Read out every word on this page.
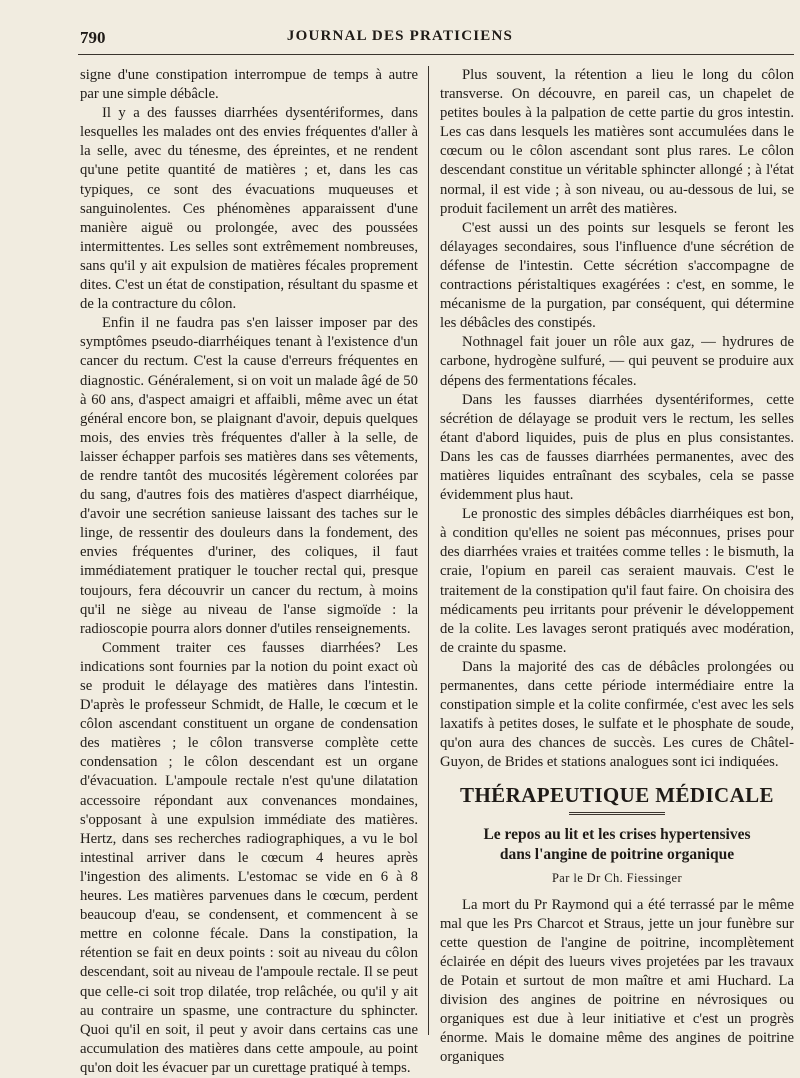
790	JOURNAL DES PRATICIENS

signe d'une constipation interrompue de temps à autre par une simple débâcle.

Il y a des fausses diarrhées dysentériformes, dans lesquelles les malades ont des envies fréquentes d'aller à la selle, avec du ténesme, des épreintes, et ne rendent qu'une petite quantité de matières ; et, dans les cas typiques, ce sont des évacuations muqueuses et sanguinolentes. Ces phénomènes apparaissent d'une manière aiguë ou prolongée, avec des poussées intermittentes. Les selles sont extrêmement nombreuses, sans qu'il y ait expulsion de matières fécales proprement dites. C'est un état de constipation, résultant du spasme et de la contracture du côlon.

Enfin il ne faudra pas s'en laisser imposer par des symptômes pseudo-diarrhéiques tenant à l'existence d'un cancer du rectum. C'est la cause d'erreurs fréquentes en diagnostic. Généralement, si on voit un malade âgé de 50 à 60 ans, d'aspect amaigri et affaibli, même avec un état général encore bon, se plaignant d'avoir, depuis quelques mois, des envies très fréquentes d'aller à la selle, de laisser échapper parfois ses matières dans ses vêtements, de rendre tantôt des mucosités légèrement colorées par du sang, d'autres fois des matières d'aspect diarrhéique, d'avoir une secrétion sanieuse laissant des taches sur le linge, de ressentir des douleurs dans la fondement, des envies fréquentes d'uriner, des coliques, il faut immédiatement pratiquer le toucher rectal qui, presque toujours, fera découvrir un cancer du rectum, à moins qu'il ne siège au niveau de l'anse sigmoïde : la radioscopie pourra alors donner d'utiles renseignements.

Comment traiter ces fausses diarrhées? Les indications sont fournies par la notion du point exact où se produit le délayage des matières dans l'intestin. D'après le professeur Schmidt, de Halle, le cœcum et le côlon ascendant constituent un organe de condensation des matières ; le côlon transverse complète cette condensation ; le côlon descendant est un organe d'évacuation. L'ampoule rectale n'est qu'une dilatation accessoire répondant aux convenances mondaines, s'opposant à une expulsion immédiate des matières. Hertz, dans ses recherches radiographiques, a vu le bol intestinal arriver dans le cœcum 4 heures après l'ingestion des aliments. L'estomac se vide en 6 à 8 heures. Les matières parvenues dans le cœcum, perdent beaucoup d'eau, se condensent, et commencent à se mettre en colonne fécale. Dans la constipation, la rétention se fait en deux points : soit au niveau du côlon descendant, soit au niveau de l'ampoule rectale. Il se peut que celle-ci soit trop dilatée, trop relâchée, ou qu'il y ait au contraire un spasme, une contracture du sphincter. Quoi qu'il en soit, il peut y avoir dans certains cas une accumulation des matières dans cette ampoule, au point qu'on doit les évacuer par un curettage pratiqué à temps.

Plus souvent, la rétention a lieu le long du côlon transverse. On découvre, en pareil cas, un chapelet de petites boules à la palpation de cette partie du gros intestin. Les cas dans lesquels les matières sont accumulées dans le cœcum ou le côlon ascendant sont plus rares. Le côlon descendant constitue un véritable sphincter allongé ; à l'état normal, il est vide ; à son niveau, ou au-dessous de lui, se produit facilement un arrêt des matières.

C'est aussi un des points sur lesquels se feront les délayages secondaires, sous l'influence d'une sécrétion de défense de l'intestin. Cette sécrétion s'accompagne de contractions péristaltiques exagérées : c'est, en somme, le mécanisme de la purgation, par conséquent, qui détermine les débâcles des constipés.

Nothnagel fait jouer un rôle aux gaz, — hydrures de carbone, hydrogène sulfuré, — qui peuvent se produire aux dépens des fermentations fécales.

Dans les fausses diarrhées dysentériformes, cette sécrétion de délayage se produit vers le rectum, les selles étant d'abord liquides, puis de plus en plus consistantes. Dans les cas de fausses diarrhées permanentes, avec des matières liquides entraînant des scybales, cela se passe évidemment plus haut.

Le pronostic des simples débâcles diarrhéiques est bon, à condition qu'elles ne soient pas méconnues, prises pour des diarrhées vraies et traitées comme telles : le bismuth, la craie, l'opium en pareil cas seraient mauvais. C'est le traitement de la constipation qu'il faut faire. On choisira des médicaments peu irritants pour prévenir le développement de la colite. Les lavages seront pratiqués avec modération, de crainte du spasme.

Dans la majorité des cas de débâcles prolongées ou permanentes, dans cette période intermédiaire entre la constipation simple et la colite confirmée, c'est avec les sels laxatifs à petites doses, le sulfate et le phosphate de soude, qu'on aura des chances de succès. Les cures de Châtel-Guyon, de Brides et stations analogues sont ici indiquées.

THÉRAPEUTIQUE MÉDICALE
Le repos au lit et les crises hypertensives
dans l'angine de poitrine organique
Par le Dr Ch. Fiessinger

La mort du Pr Raymond qui a été terrassé par le même mal que les Prs Charcot et Straus, jette un jour funèbre sur cette question de l'angine de poitrine, incomplètement éclairée en dépit des lueurs vives projetées par les travaux de Potain et surtout de mon maître et ami Huchard. La division des angines de poitrine en névrosiques ou organiques est due à leur initiative et c'est un progrès énorme. Mais le domaine même des angines de poitrine organiques
